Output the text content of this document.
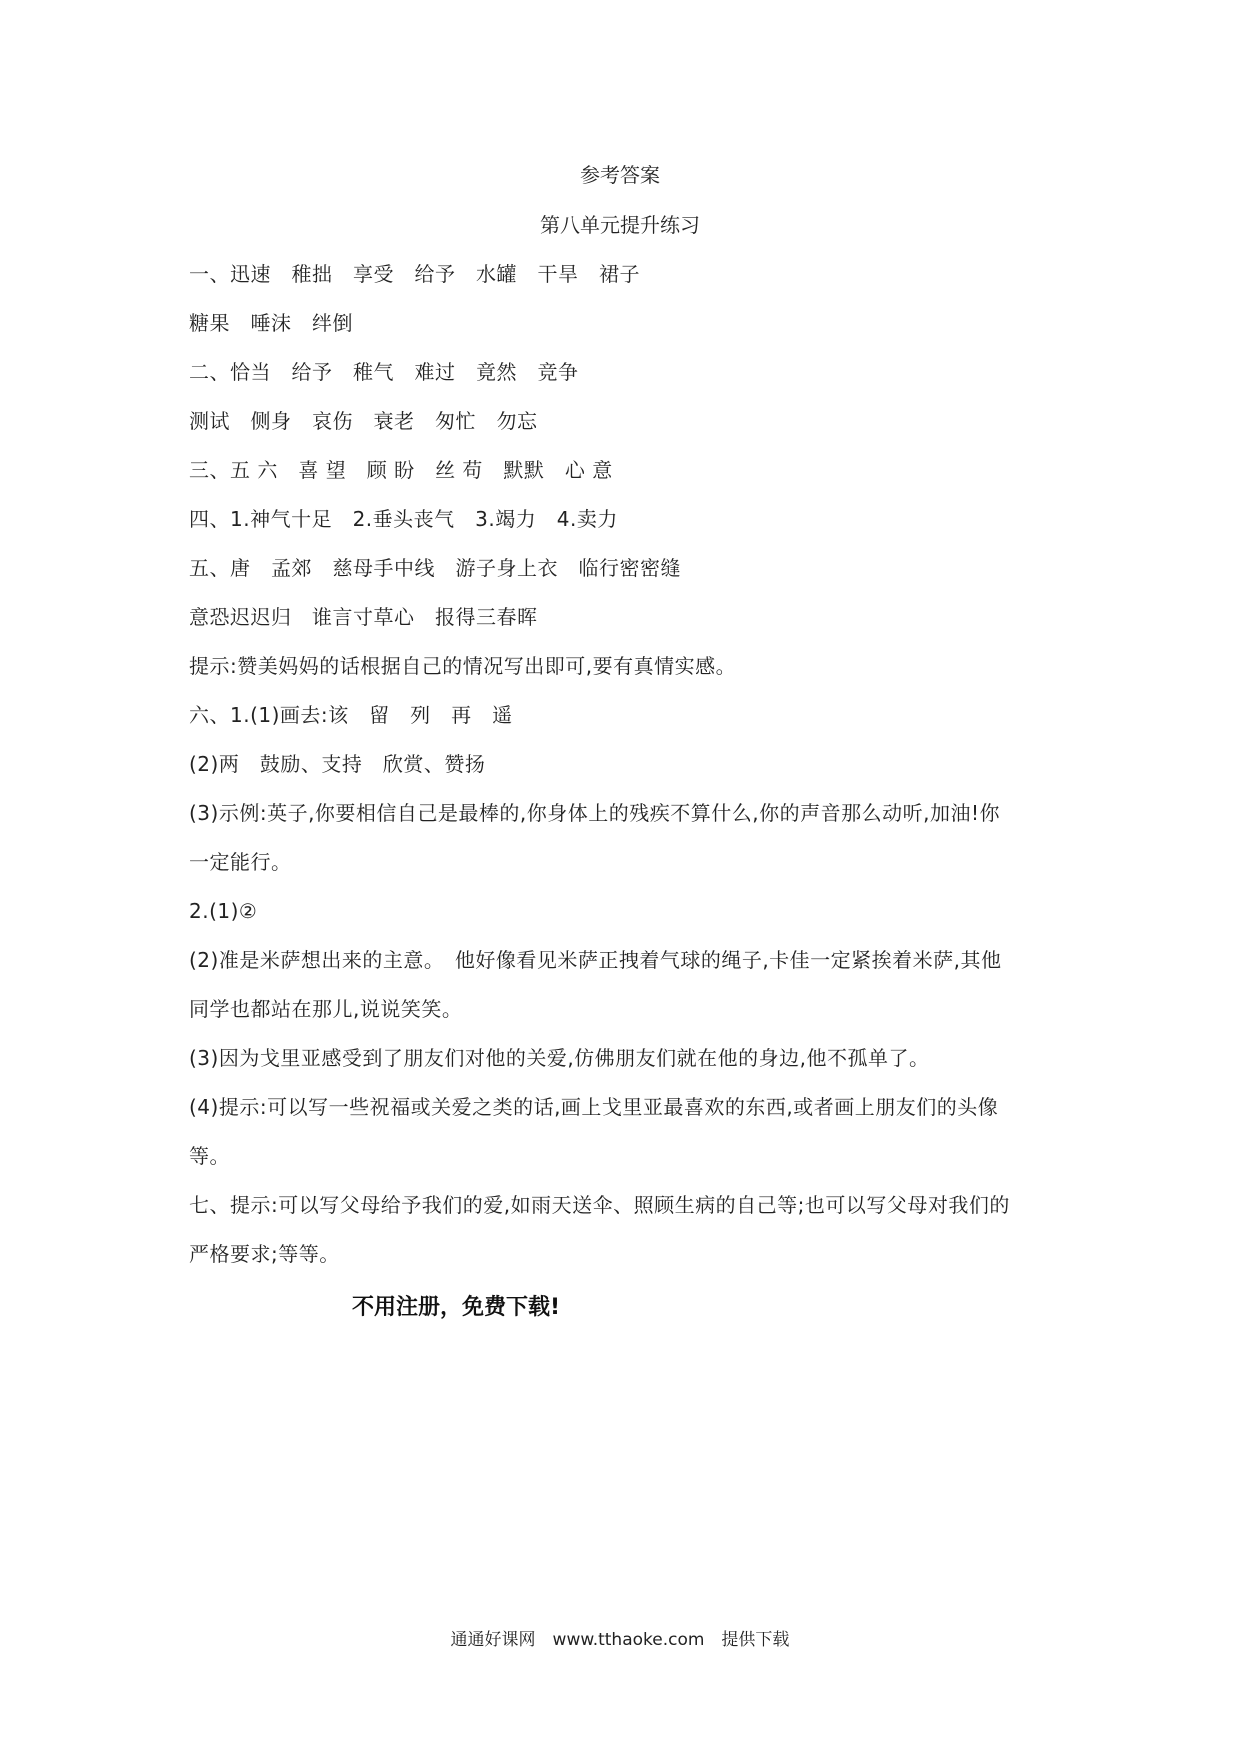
参考答案
第八单元提升练习
一、迅速　稚拙　享受　给予　水罐　干旱　裙子
糖果　唾沫　绊倒
二、恰当　给予　稚气　难过　竟然　竞争
测试　侧身　哀伤　衰老　匆忙　勿忘
三、五 六　喜 望　顾 盼　丝 苟　默默　心 意
四、1.神气十足　2.垂头丧气　3.竭力　4.卖力
五、唐　孟郊　慈母手中线　游子身上衣　临行密密缝
意恐迟迟归　谁言寸草心　报得三春晖
提示:赞美妈妈的话根据自己的情况写出即可,要有真情实感。
六、1.(1)画去:该　留　列　再　遥
(2)两　鼓励、支持　欣赏、赞扬
(3)示例:英子,你要相信自己是最棒的,你身体上的残疾不算什么,你的声音那么动听,加油!你
一定能行。
2.(1)②
(2)准是米萨想出来的主意。　他好像看见米萨正拽着气球的绳子,卡佳一定紧挨着米萨,其他
同学也都站在那儿,说说笑笑。
(3)因为戈里亚感受到了朋友们对他的关爱,仿佛朋友们就在他的身边,他不孤单了。
(4)提示:可以写一些祝福或关爱之类的话,画上戈里亚最喜欢的东西,或者画上朋友们的头像
等。
七、提示:可以写父母给予我们的爱,如雨天送伞、照顾生病的自己等;也可以写父母对我们的
严格要求;等等。
不用注册，免费下载!
通通好课网　www.tthaoke.com　提供下载
